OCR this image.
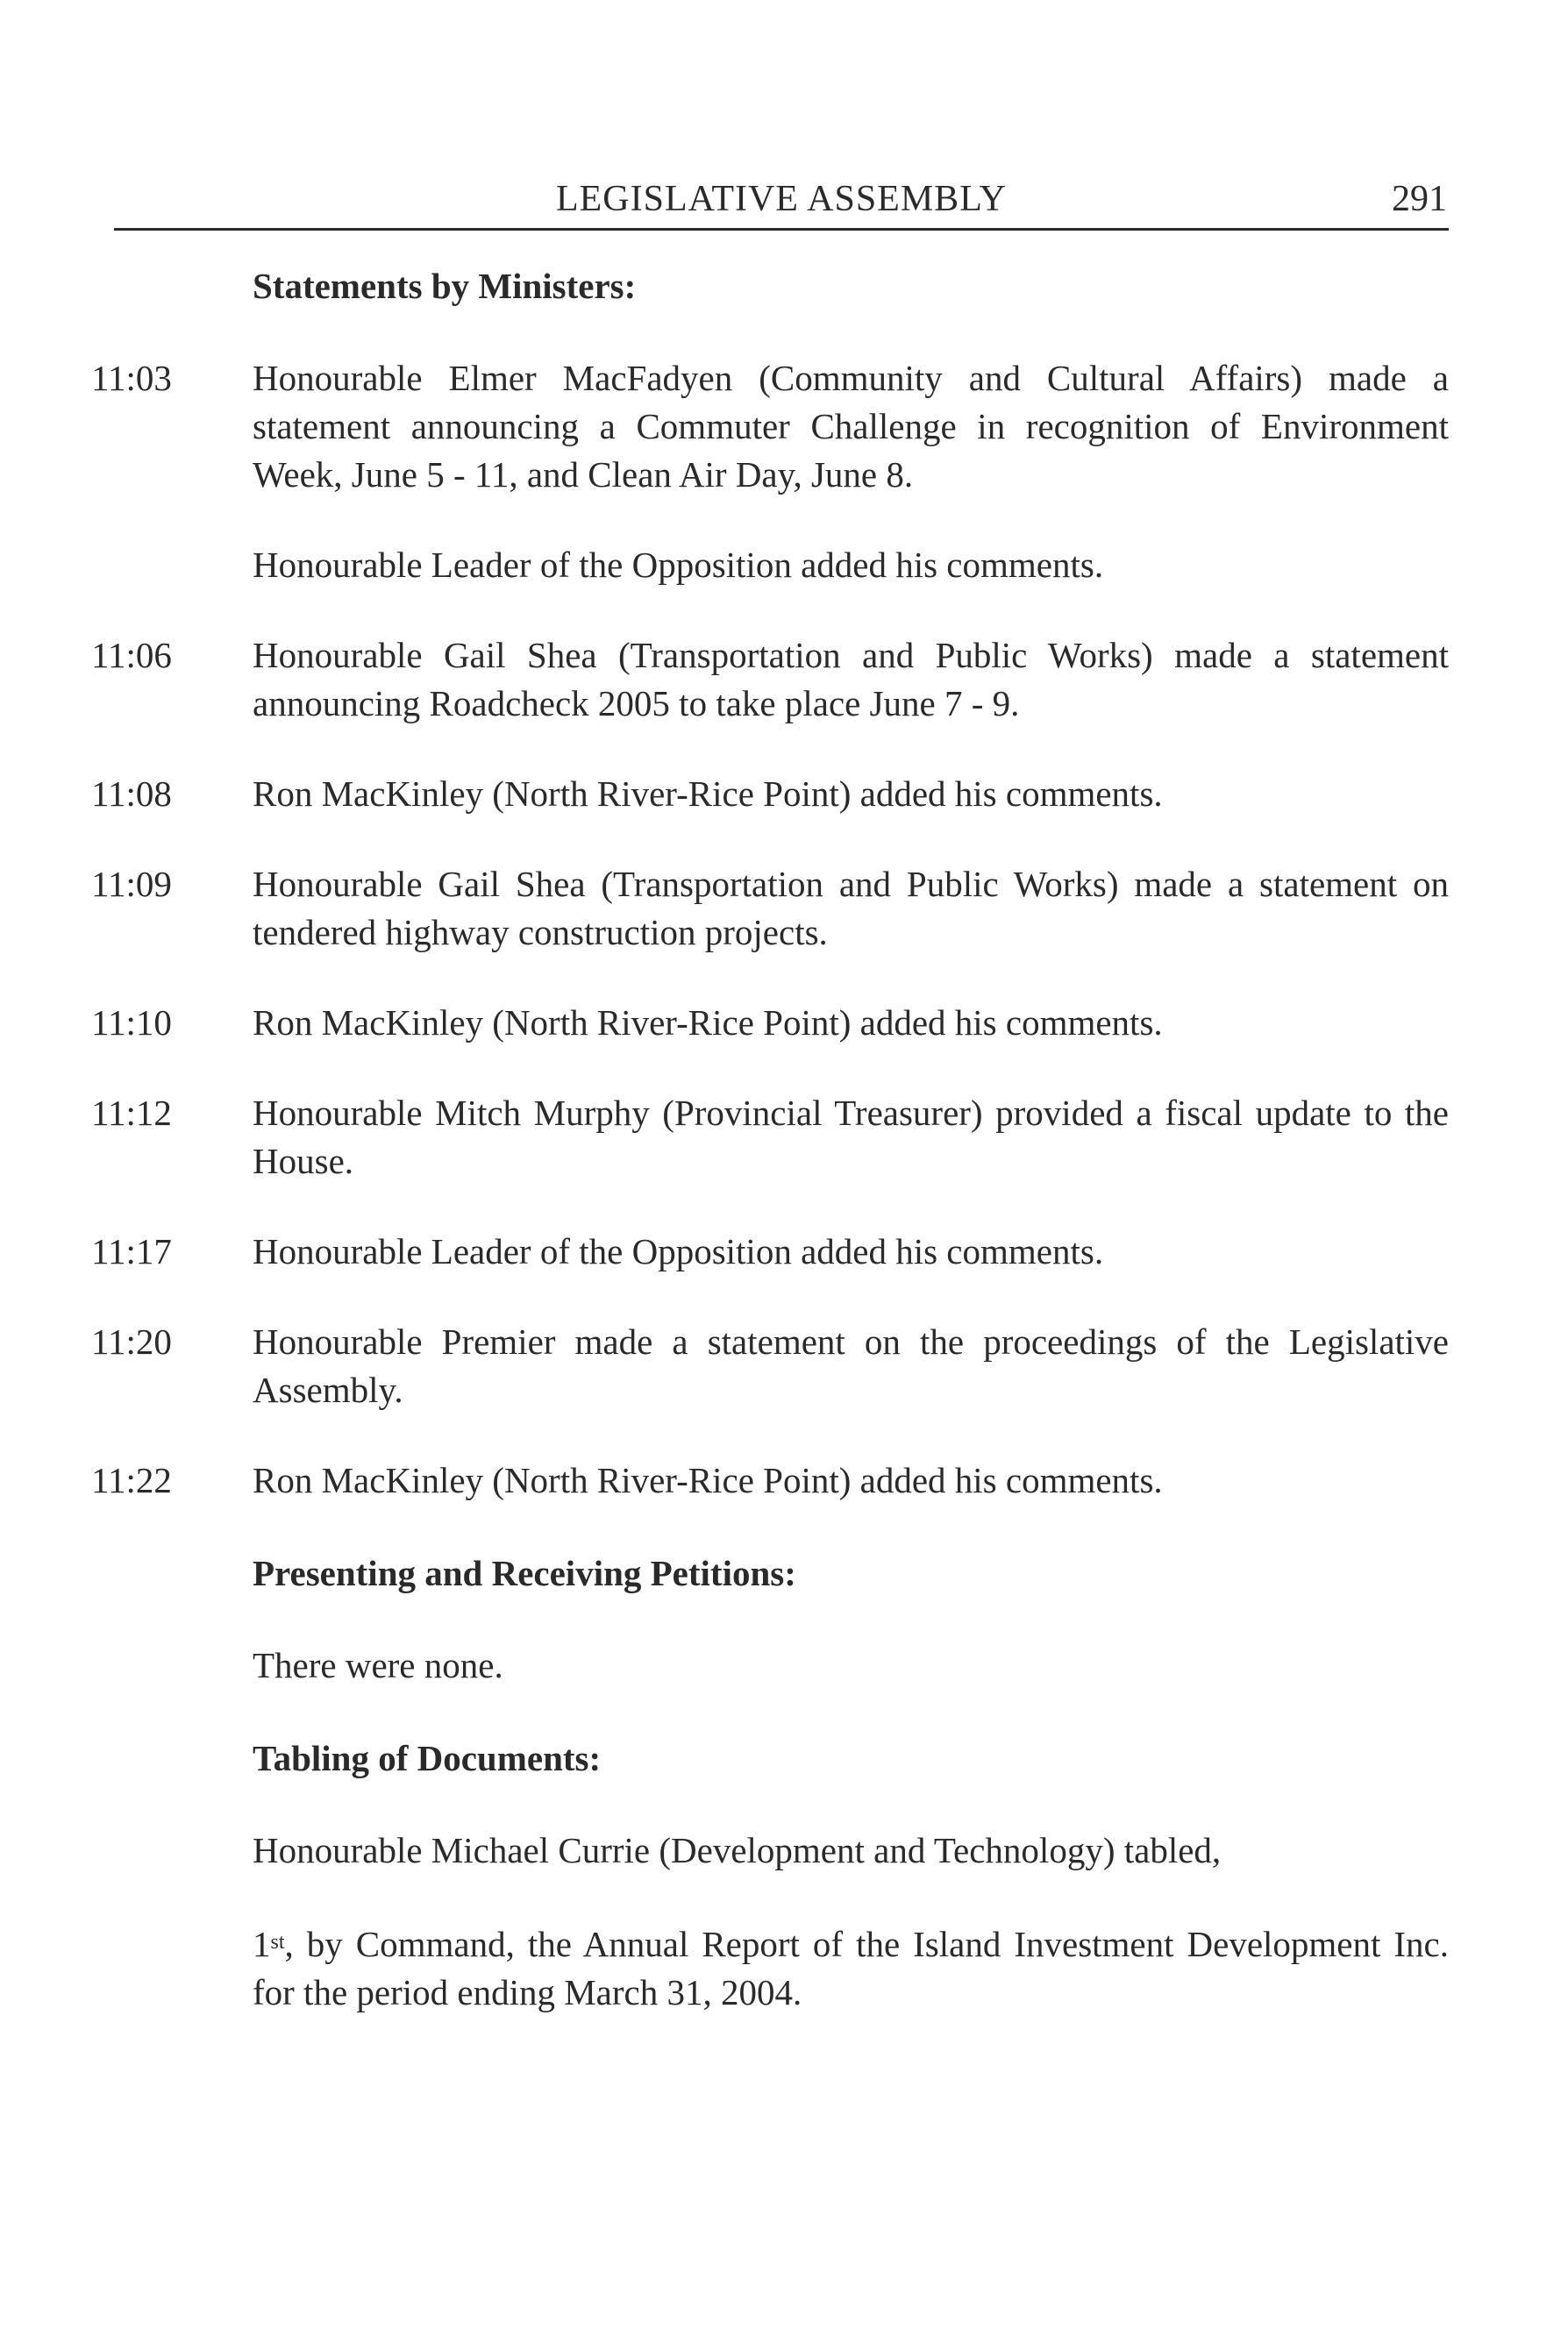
LEGISLATIVE ASSEMBLY	291
Statements by Ministers:
11:03	Honourable Elmer MacFadyen (Community and Cultural Affairs) made a statement announcing a Commuter Challenge in recognition of Environment Week, June 5 - 11, and Clean Air Day, June 8.
Honourable Leader of the Opposition added his comments.
11:06	Honourable Gail Shea (Transportation and Public Works) made a statement announcing Roadcheck 2005 to take place June 7 - 9.
11:08	Ron MacKinley (North River-Rice Point) added his comments.
11:09	Honourable Gail Shea (Transportation and Public Works) made a statement on tendered highway construction projects.
11:10	Ron MacKinley (North River-Rice Point) added his comments.
11:12	Honourable Mitch Murphy (Provincial Treasurer) provided a fiscal update to the House.
11:17	Honourable Leader of the Opposition added his comments.
11:20	Honourable Premier made a statement on the proceedings of the Legislative Assembly.
11:22	Ron MacKinley (North River-Rice Point) added his comments.
Presenting and Receiving Petitions:
There were none.
Tabling of Documents:
Honourable Michael Currie (Development and Technology) tabled,
1st, by Command, the Annual Report of the Island Investment Development Inc. for the period ending March 31, 2004.
